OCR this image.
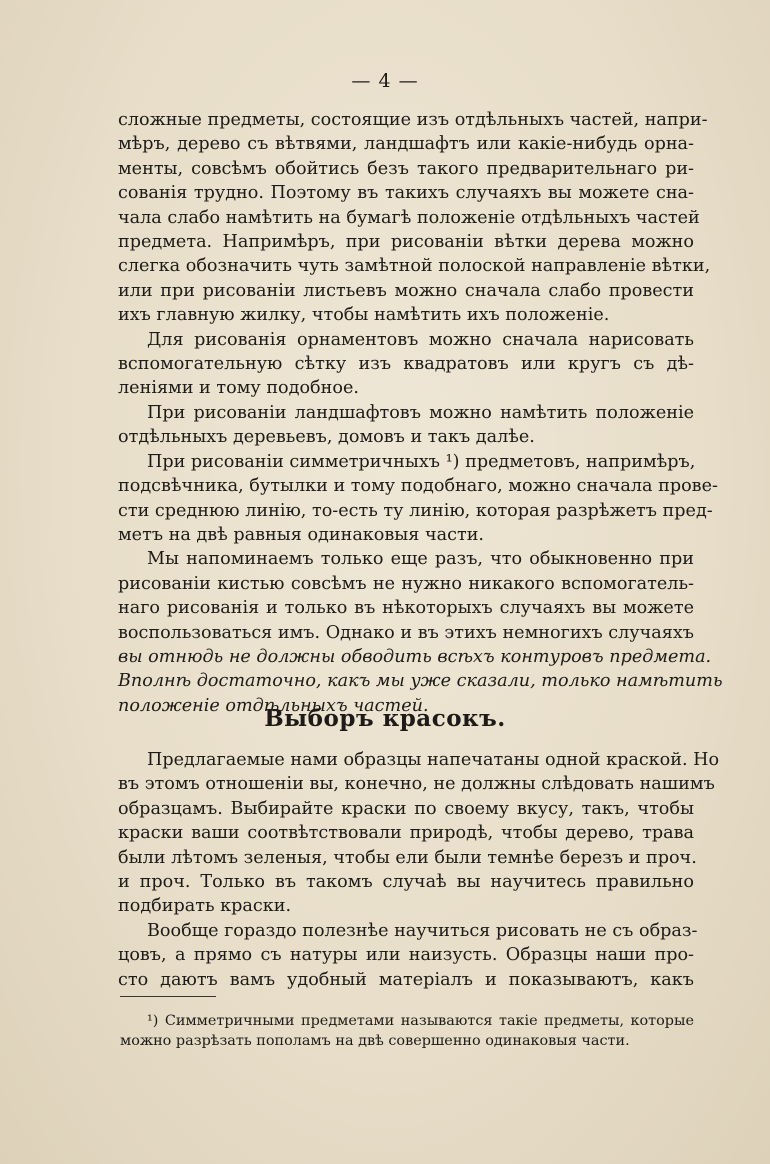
— 4 —
сложные предметы, состоящие изъ отдѣльныхъ частей, напри-
мѣръ, дерево съ вѣтвями, ландшафтъ или какіе-нибудь орна-
менты, совсѣмъ обойтись безъ такого предварительнаго ри-
сованія трудно. Поэтому въ такихъ случаяхъ вы можете сна-
чала слабо намѣтить на бумагѣ положеніе отдѣльныхъ частей
предмета. Напримѣръ, при рисованіи вѣтки дерева можно
слегка обозначить чуть замѣтной полоской направленіе вѣтки,
или при рисованіи листьевъ можно сначала слабо провести
ихъ главную жилку, чтобы намѣтить ихъ положеніе.
Для рисованія орнаментовъ можно сначала нарисовать
вспомогательную сѣтку изъ квадратовъ или кругъ съ дѣ-
леніями и тому подобное.
При рисованіи ландшафтовъ можно намѣтить положеніе
отдѣльныхъ деревьевъ, домовъ и такъ далѣе.
При рисованіи симметричныхъ ¹) предметовъ, напримѣръ,
подсвѣчника, бутылки и тому подобнаго, можно сначала прове-
сти среднюю линію, то-есть ту линію, которая разрѣжетъ пред-
метъ на двѣ равныя одинаковыя части.
Мы напоминаемъ только еще разъ, что обыкновенно при
рисованіи кистью совсѣмъ не нужно никакого вспомогатель-
наго рисованія и только въ нѣкоторыхъ случаяхъ вы можете
воспользоваться имъ. Однако и въ этихъ немногихъ случаяхъ
вы отнюдь не должны обводить всѣхъ контуровъ предмета.
Вполнѣ достаточно, какъ мы уже сказали, только намѣтить
положеніе отдѣльныхъ частей.
Выборъ красокъ.
Предлагаемые нами образцы напечатаны одной краской. Но
въ этомъ отношеніи вы, конечно, не должны слѣдовать нашимъ
образцамъ. Выбирайте краски по своему вкусу, такъ, чтобы
краски ваши соотвѣтствовали природѣ, чтобы дерево, трава
были лѣтомъ зеленыя, чтобы ели были темнѣе березъ и проч.
и проч. Только въ такомъ случаѣ вы научитесь правильно
подбирать краски.
Вообще гораздо полезнѣе научиться рисовать не съ образ-
цовъ, а прямо съ натуры или наизусть. Образцы наши про-
сто даютъ вамъ удобный матеріалъ и показываютъ, какъ
¹) Симметричными предметами называются такіе предметы, которые
можно разрѣзать пополамъ на двѣ совершенно одинаковыя части.
